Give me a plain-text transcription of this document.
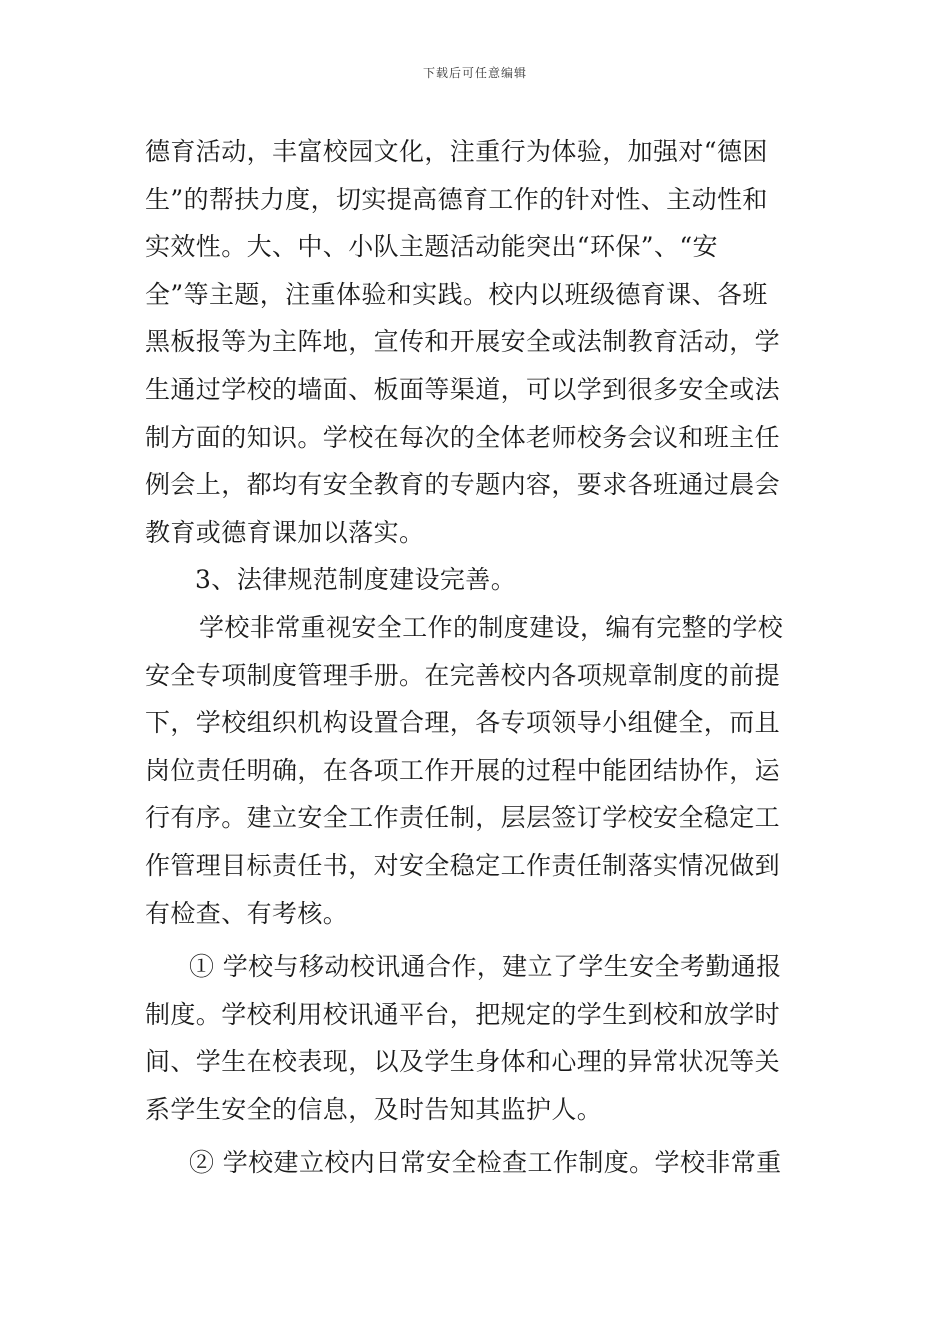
下载后可任意编辑
德育活动，丰富校园文化，注重行为体验，加强对“德困
生”的帮扶力度，切实提高德育工作的针对性、主动性和
实效性。大、中、小队主题活动能突出“环保”、“安
全”等主题，注重体验和实践。校内以班级德育课、各班
黑板报等为主阵地，宣传和开展安全或法制教育活动，学
生通过学校的墙面、板面等渠道，可以学到很多安全或法
制方面的知识。学校在每次的全体老师校务会议和班主任
例会上，都均有安全教育的专题内容，要求各班通过晨会
教育或德育课加以落实。
3、法律规范制度建设完善。
学校非常重视安全工作的制度建设，编有完整的学校
安全专项制度管理手册。在完善校内各项规章制度的前提
下，学校组织机构设置合理，各专项领导小组健全，而且
岗位责任明确，在各项工作开展的过程中能团结协作，运
行有序。建立安全工作责任制，层层签订学校安全稳定工
作管理目标责任书，对安全稳定工作责任制落实情况做到
有检查、有考核。
① 学校与移动校讯通合作，建立了学生安全考勤通报
制度。学校利用校讯通平台，把规定的学生到校和放学时
间、学生在校表现，以及学生身体和心理的异常状况等关
系学生安全的信息，及时告知其监护人。
② 学校建立校内日常安全检查工作制度。学校非常重
